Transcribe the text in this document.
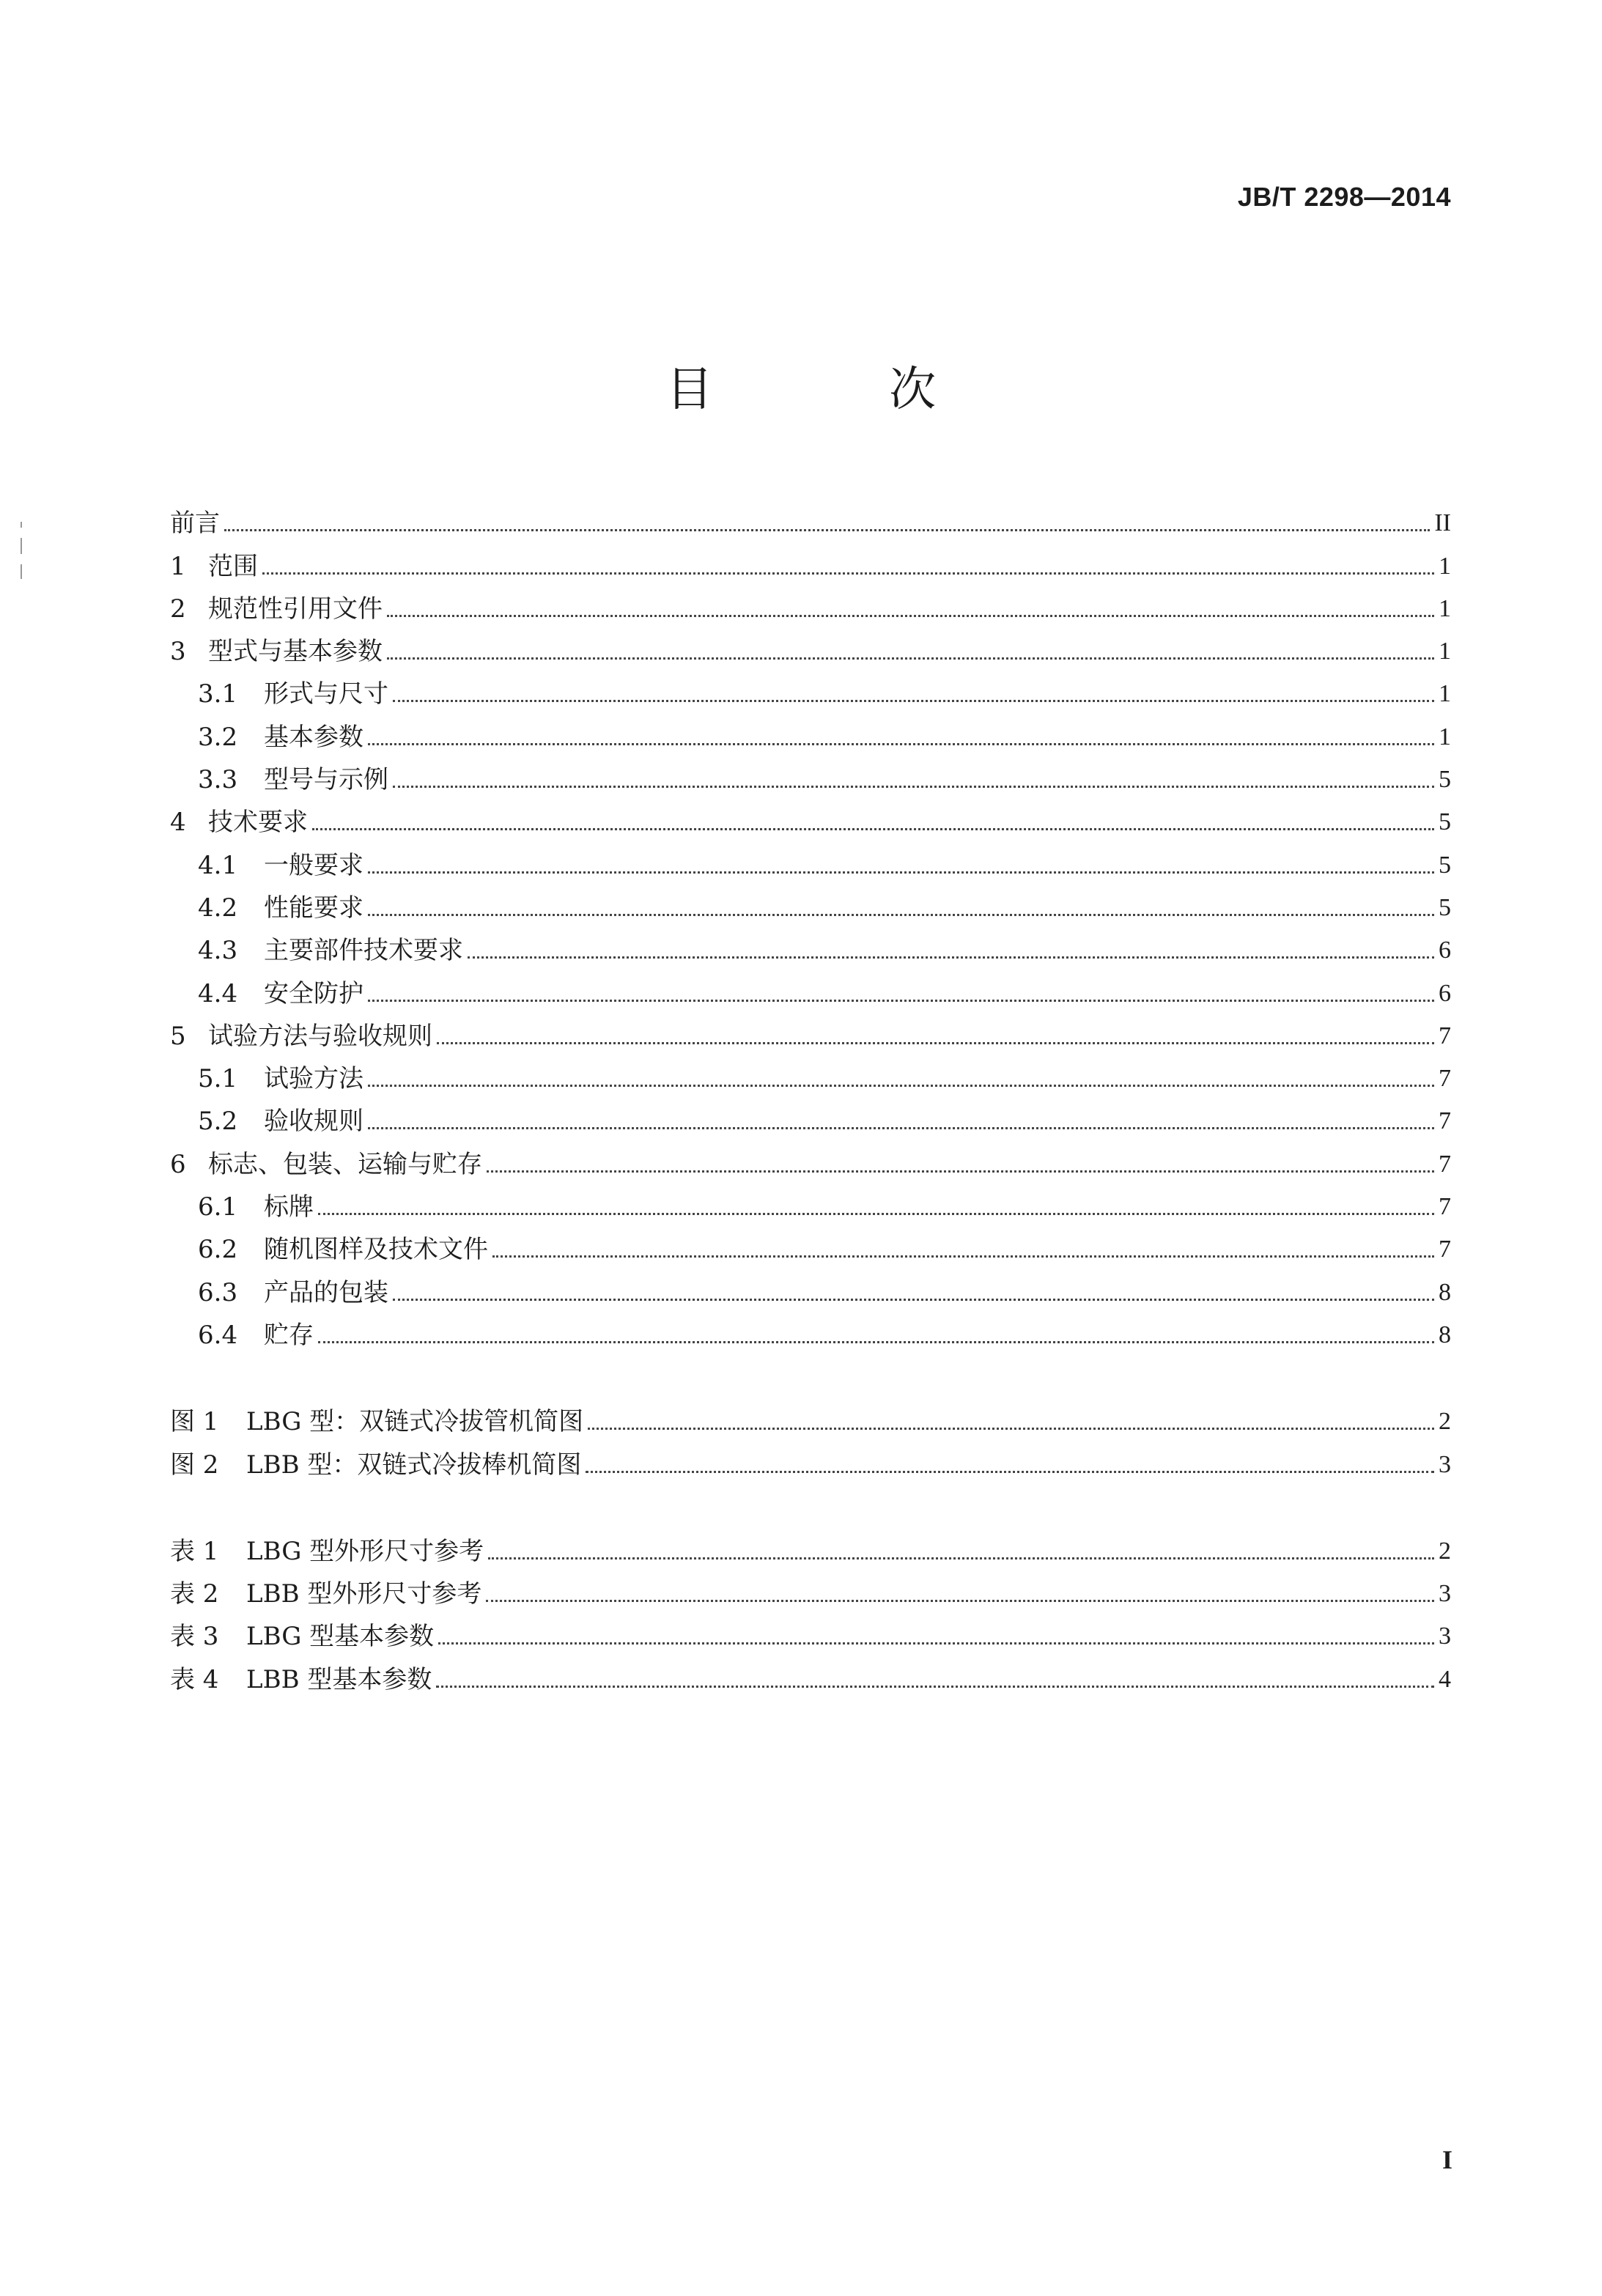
JB/T 2298—2014
目 次
前言	II
1 范围	1
2 规范性引用文件	1
3 型式与基本参数	1
3.1	形式与尺寸	1
3.2	基本参数	1
3.3	型号与示例	5
4 技术要求	5
4.1	一般要求	5
4.2	性能要求	5
4.3	主要部件技术要求	6
4.4	安全防护	6
5 试验方法与验收规则	7
5.1	试验方法	7
5.2	验收规则	7
6 标志、包装、运输与贮存	7
6.1	标牌	7
6.2	随机图样及技术文件	7
6.3	产品的包装	8
6.4	贮存	8
图 1	LBG 型：双链式冷拔管机简图	2
图 2	LBB 型：双链式冷拔棒机简图	3
表 1	LBG 型外形尺寸参考	2
表 2	LBB 型外形尺寸参考	3
表 3	LBG 型基本参数	3
表 4	LBB 型基本参数	4
I
